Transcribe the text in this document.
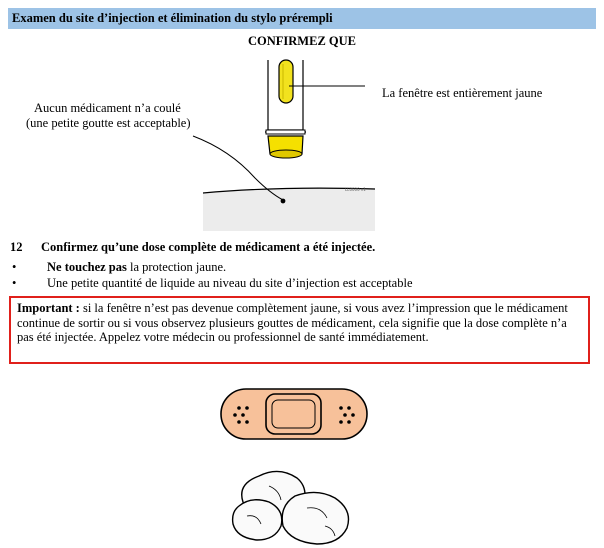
Examen du site d’injection et élimination du stylo prérempli
CONFIRMEZ QUE
LL0000 v1
Aucun médicament n’a coulé
(une petite goutte est acceptable)
La fenêtre est entièrement jaune
12 Confirmez qu’une dose complète de médicament a été injectée.
• Ne touchez pas la protection jaune.
• Une petite quantité de liquide au niveau du site d’injection est acceptable

Important : si la fenêtre n’est pas devenue complètement jaune, si vous avez l’impression que le médicament continue de sortir ou si vous observez plusieurs gouttes de médicament, cela signifie que la dose complète n’a pas été injectée. Appelez votre médecin ou professionnel de santé immédiatement.
